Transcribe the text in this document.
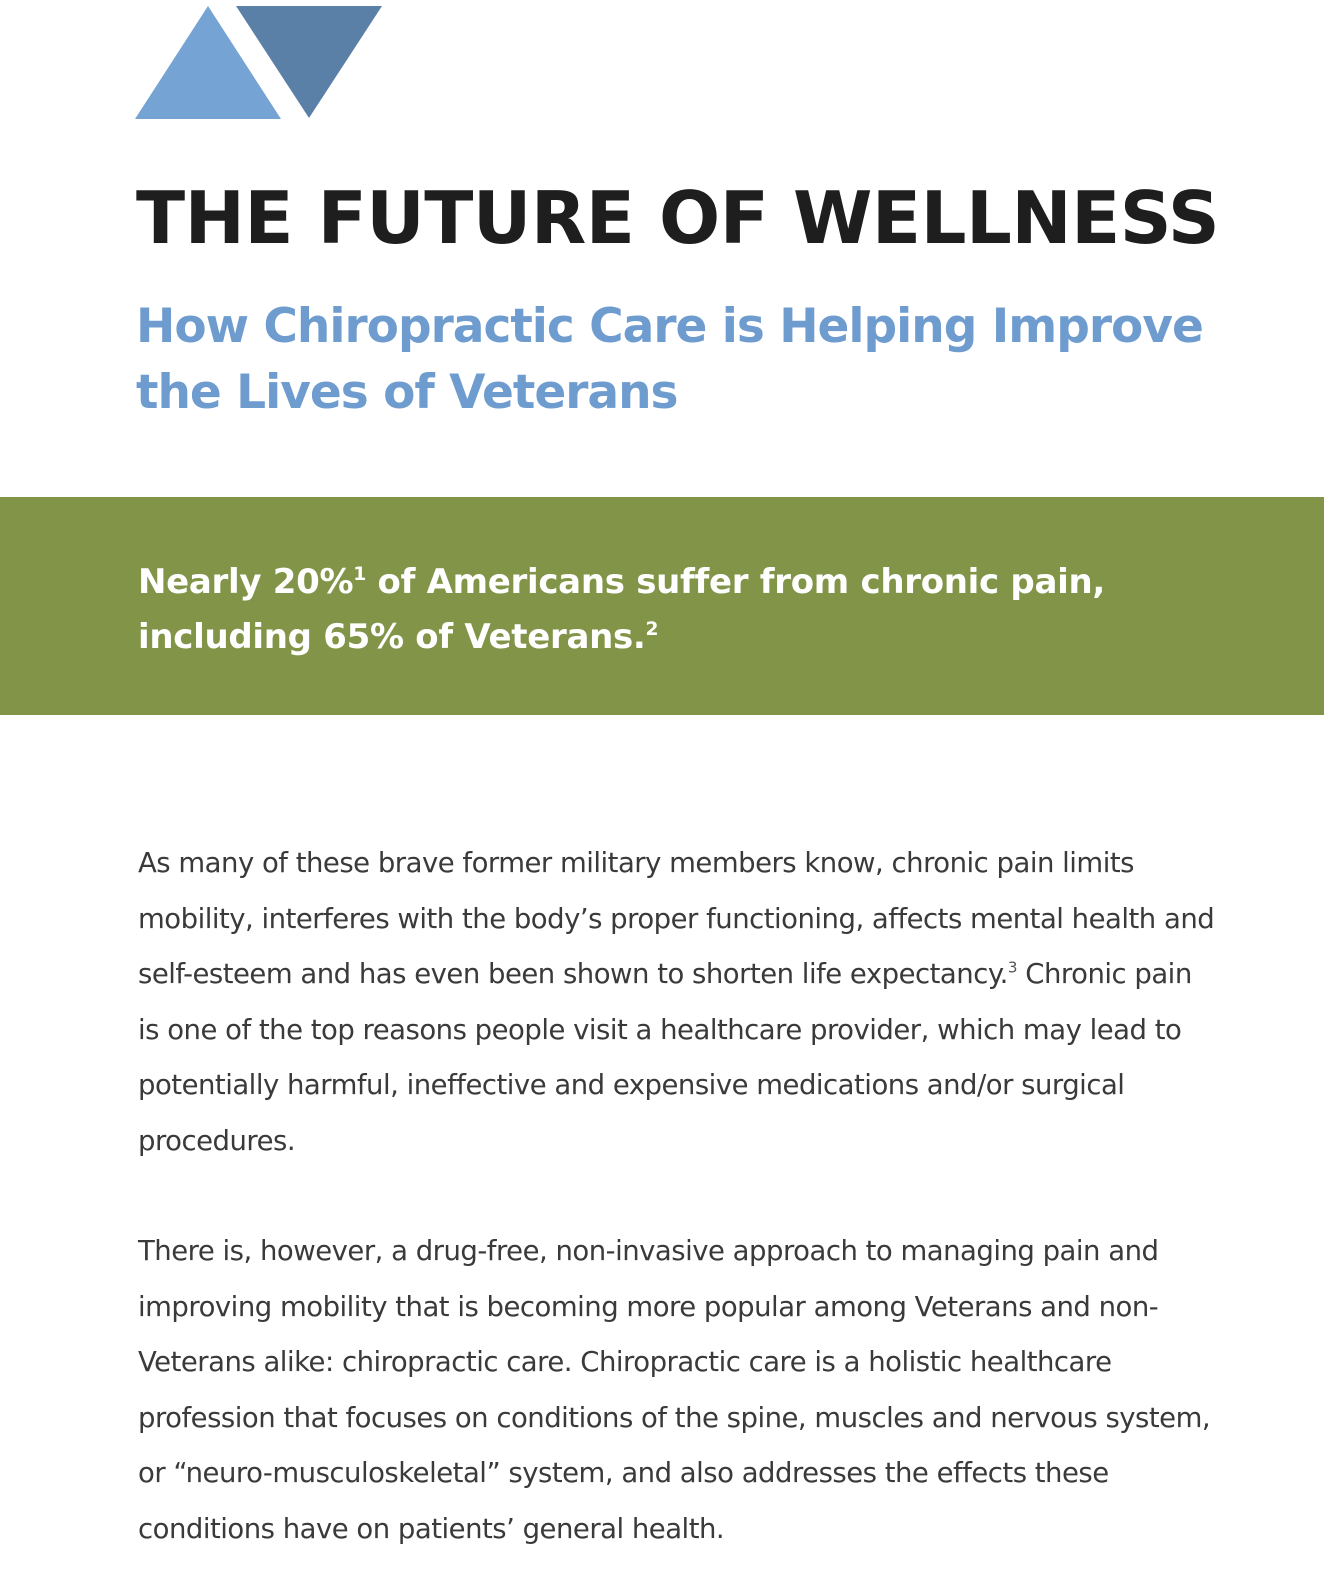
THE FUTURE OF WELLNESS
How Chiropractic Care is Helping Improve the Lives of Veterans

Nearly 20%$^1$ of Americans suffer from chronic pain, including 65% of Veterans.$^2$

As many of these brave former military members know, chronic pain limits mobility, interferes with the body’s proper functioning, affects mental health and self-esteem and has even been shown to shorten life expectancy.$^3$ Chronic pain is one of the top reasons people visit a healthcare provider, which may lead to potentially harmful, ineffective and expensive medications and/or surgical procedures.

There is, however, a drug-free, non-invasive approach to managing pain and improving mobility that is becoming more popular among Veterans and non-Veterans alike: chiropractic care. Chiropractic care is a holistic healthcare profession that focuses on conditions of the spine, muscles and nervous system, or “neuro-musculoskeletal” system, and also addresses the effects these conditions have on patients’ general health.
